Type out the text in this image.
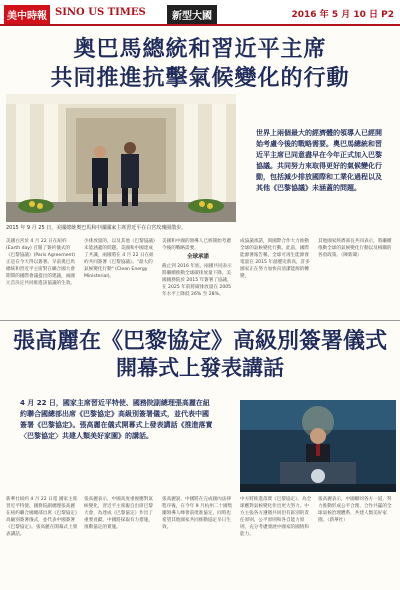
美中時報 SINO US TIMES	新型大國	2016 年 5 月 10 日 P2
奥巴馬總統和習近平主席
共同推進抗擊氣候變化的行動
2015 年 9 月 25 日，美國總統奧巴馬和中國國家主席習近平在白宮玫瑰園散步。
世界上兩個最大的經濟體的領導人已經開始考慮今後的戰略需要。奧巴馬總統和習近平主席已同意盡早在今年正式加入巴黎協議。共同努力來取得更好的氣候變化行動，包括減少排放國際和工業化過程以及其他《巴黎協議》未涵蓋的問題。
美國白宮於 4 月 22 日在紐約 (Earth day) 召開了簽約儀式的《巴黎協議》(Paris Agreement) 正是在今天得以簽署。早前奧巴馬總統和習近平主席對在聯合國大會期間的國際會議提出的建議，兩國元首決定共同推進該協議的生效。
少排放量的，以及其他《巴黎協議》未能涵蓋的問題。美國和中國達成了共識，兩國將在 4 月 22 日在紐約共同簽署《巴黎協議》。"最大的氣候變化行動" (Clean Energy Ministerial)。
美國和中國的領導人已經開始考慮今後的戰略需要。
全球承諾
截止到 2016 年底，兩國共同表示將繼續推動全球碳排放量下降。美國國務院於 2015 年簽署了協議，在 2025 年前將碳排放量在 2005 年水平上降低 26% 至 28%。
成協議承諾，與國際合作大力推動全球的氣候變化行動。此前，國際能源署報告稱，全球可再生能源發電量在 2015 年創歷史新高，許多國家正在努力加快向清潔能源的轉變。
其他國家經濟部長共同表示，將繼續推動全球的氣候變化行動以及相關的各項政策。（陳新聞）
張高麗在《巴黎協定》高級別簽署儀式
開幕式上發表講話
4 月 22 日，國家主席習近平特使、國務院副總理張高麗在紐約聯合國總部出席《巴黎協定》高級別簽署儀式，並代表中國簽署《巴黎協定》。張高麗在儀式開幕式上發表講話《推進落實〈巴黎協定〉共建人類美好家園》的講話。
新華社紐約 4 月 22 日電 國家主席習近平特使、國務院副總理張高麗在紐約聯合國總部出席《巴黎協定》高級別簽署儀式，並代表中國簽署《巴黎協定》。張高麗在開幕式上發表講話。
張高麗表示，中國高度重視應對氣候變化，習近平主席親自出席巴黎大會，為達成《巴黎協定》作出了重要貢獻。中國將採取有力措施，推動協定的實施。
張高麗說，中國將在完成國內法律程序後，在今年 9 月杭州二十國集團領導人峰會前批准協定，同時也希望其他國家共同推動協定早日生效。
中方將推進落實《巴黎協定》，為全球應對氣候變化作出更大努力。中方主張各方遵循共同但有區別的責任原則、公平原則和各自能力原則，充分考慮發展中國家的國情和能力。
張高麗表示，中國願同各方一道，努力推動形成公平合理、合作共贏的全球氣候治理體系，共建人類美好家園。（新華社）
